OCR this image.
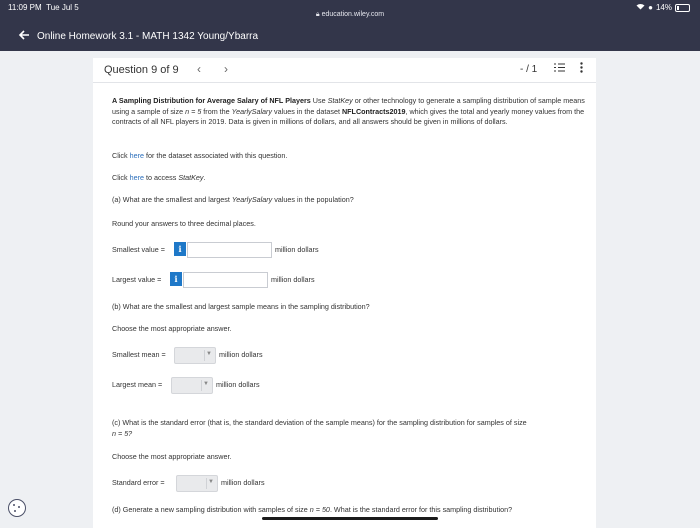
11:09 PM Tue Jul 5
🔒︎ education.wiley.com
● 14%
Online Homework 3.1 - MATH 1342 Young/Ybarra
Question 9 of 9 ‹ ›	- / 1
A Sampling Distribution for Average Salary of NFL Players Use StatKey or other technology to generate a sampling distribution of sample means using a sample of size n = 5 from the YearlySalary values in the dataset NFLContracts2019, which gives the total and yearly money values from the contracts of all NFL players in 2019. Data is given in millions of dollars, and all answers should be given in millions of dollars.
Click here for the dataset associated with this question.
Click here to access StatKey.
(a) What are the smallest and largest YearlySalary values in the population?
Round your answers to three decimal places.
Smallest value =	i	million dollars
Largest value =	i	million dollars
(b) What are the smallest and largest sample means in the sampling distribution?
Choose the most appropriate answer.
Smallest mean =	▼ million dollars
Largest mean =	▼ million dollars
(c) What is the standard error (that is, the standard deviation of the sample means) for the sampling distribution for samples of size
n = 5?
Choose the most appropriate answer.
Standard error =	▼ million dollars
(d) Generate a new sampling distribution with samples of size n = 50. What is the standard error for this sampling distribution?
